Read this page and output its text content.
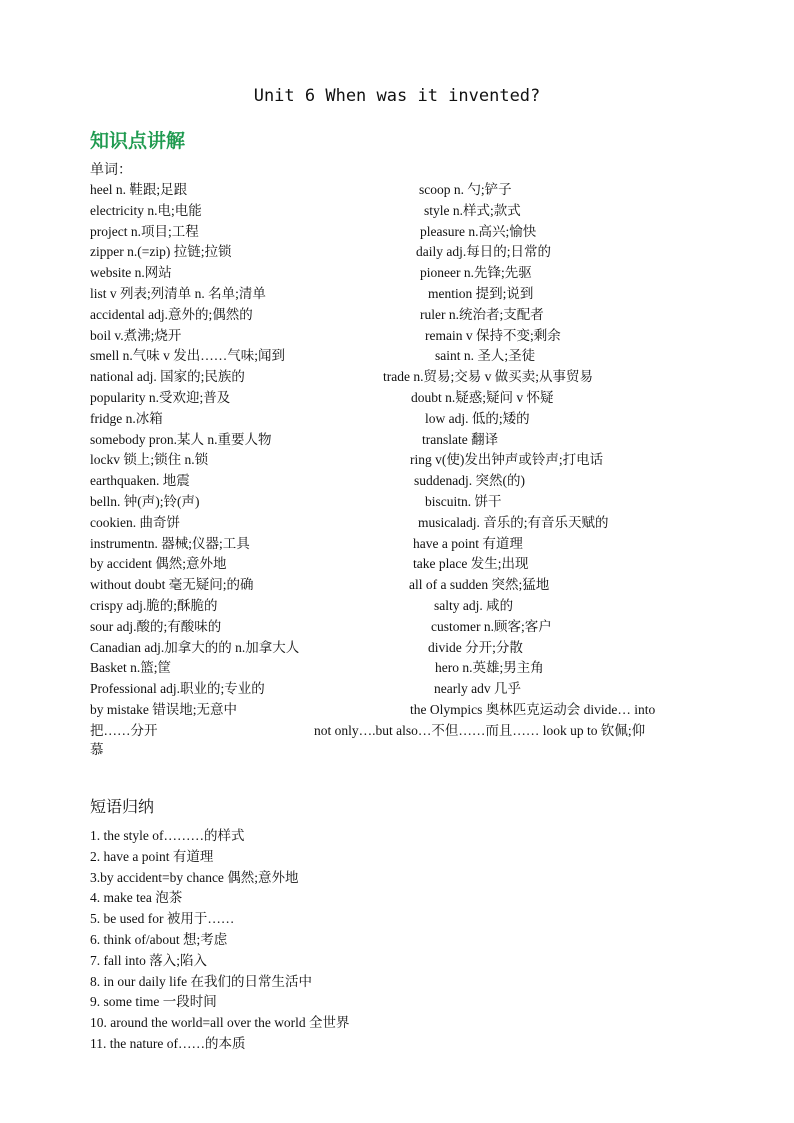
Unit 6 When was it invented?
知识点讲解
单词：
heel n. 鞋跟;足跟	scoop n. 勺;铲子
electricity n.电;电能	style n.样式;款式
project n.项目;工程	pleasure n.高兴;愉快
zipper n.(=zip) 拉链;拉锁	daily adj.每日的;日常的
website n.网站	pioneer n.先锋;先驱
list v 列表;列清单 n. 名单;清单	mention 提到;说到
accidental adj.意外的;偶然的	ruler n.统治者;支配者
boil v.煮沸;烧开	remain v 保持不变;剩余
smell n.气味 v 发出……气味;闻到	saint n. 圣人;圣徒
national adj. 国家的;民族的	trade n.贸易;交易 v 做买卖;从事贸易
popularity n.受欢迎;普及	doubt n.疑惑;疑问 v 怀疑
fridge n.冰箱	low adj. 低的;矮的
somebody pron.某人 n.重要人物	translate 翻译
lockv 锁上;锁住 n.锁	ring v(使)发出钟声或铃声;打电话
earthquaken. 地震	suddenadj. 突然(的)
belln. 钟(声);铃(声)	biscuitn. 饼干
cookien. 曲奇饼	musicaladj. 音乐的;有音乐天赋的
instrumentn. 器械;仪器;工具	have a point 有道理
by accident 偶然;意外地	take place 发生;出现
without doubt 毫无疑问;的确	all of a sudden 突然;猛地
crispy adj.脆的;酥脆的	salty adj. 咸的
sour adj.酸的;有酸味的	customer n.顾客;客户
Canadian adj.加拿大的的 n.加拿大人	divide 分开;分散
Basket n.篮;筐	hero n.英雄;男主角
Professional adj.职业的;专业的	nearly adv 几乎
by mistake 错误地;无意中	the Olympics 奥林匹克运动会 divide… into
把……分开	not only….but also…不但……而且…… look up to 钦佩;仰
慕
短语归纳
1. the style of………的样式
2. have a point 有道理
3.by accident=by chance 偶然;意外地
4. make tea 泡茶
5. be used for 被用于……
6. think of/about 想;考虑
7. fall into 落入;陷入
8. in our daily life 在我们的日常生活中
9. some time 一段时间
10. around the world=all over the world 全世界
11. the nature of……的本质
